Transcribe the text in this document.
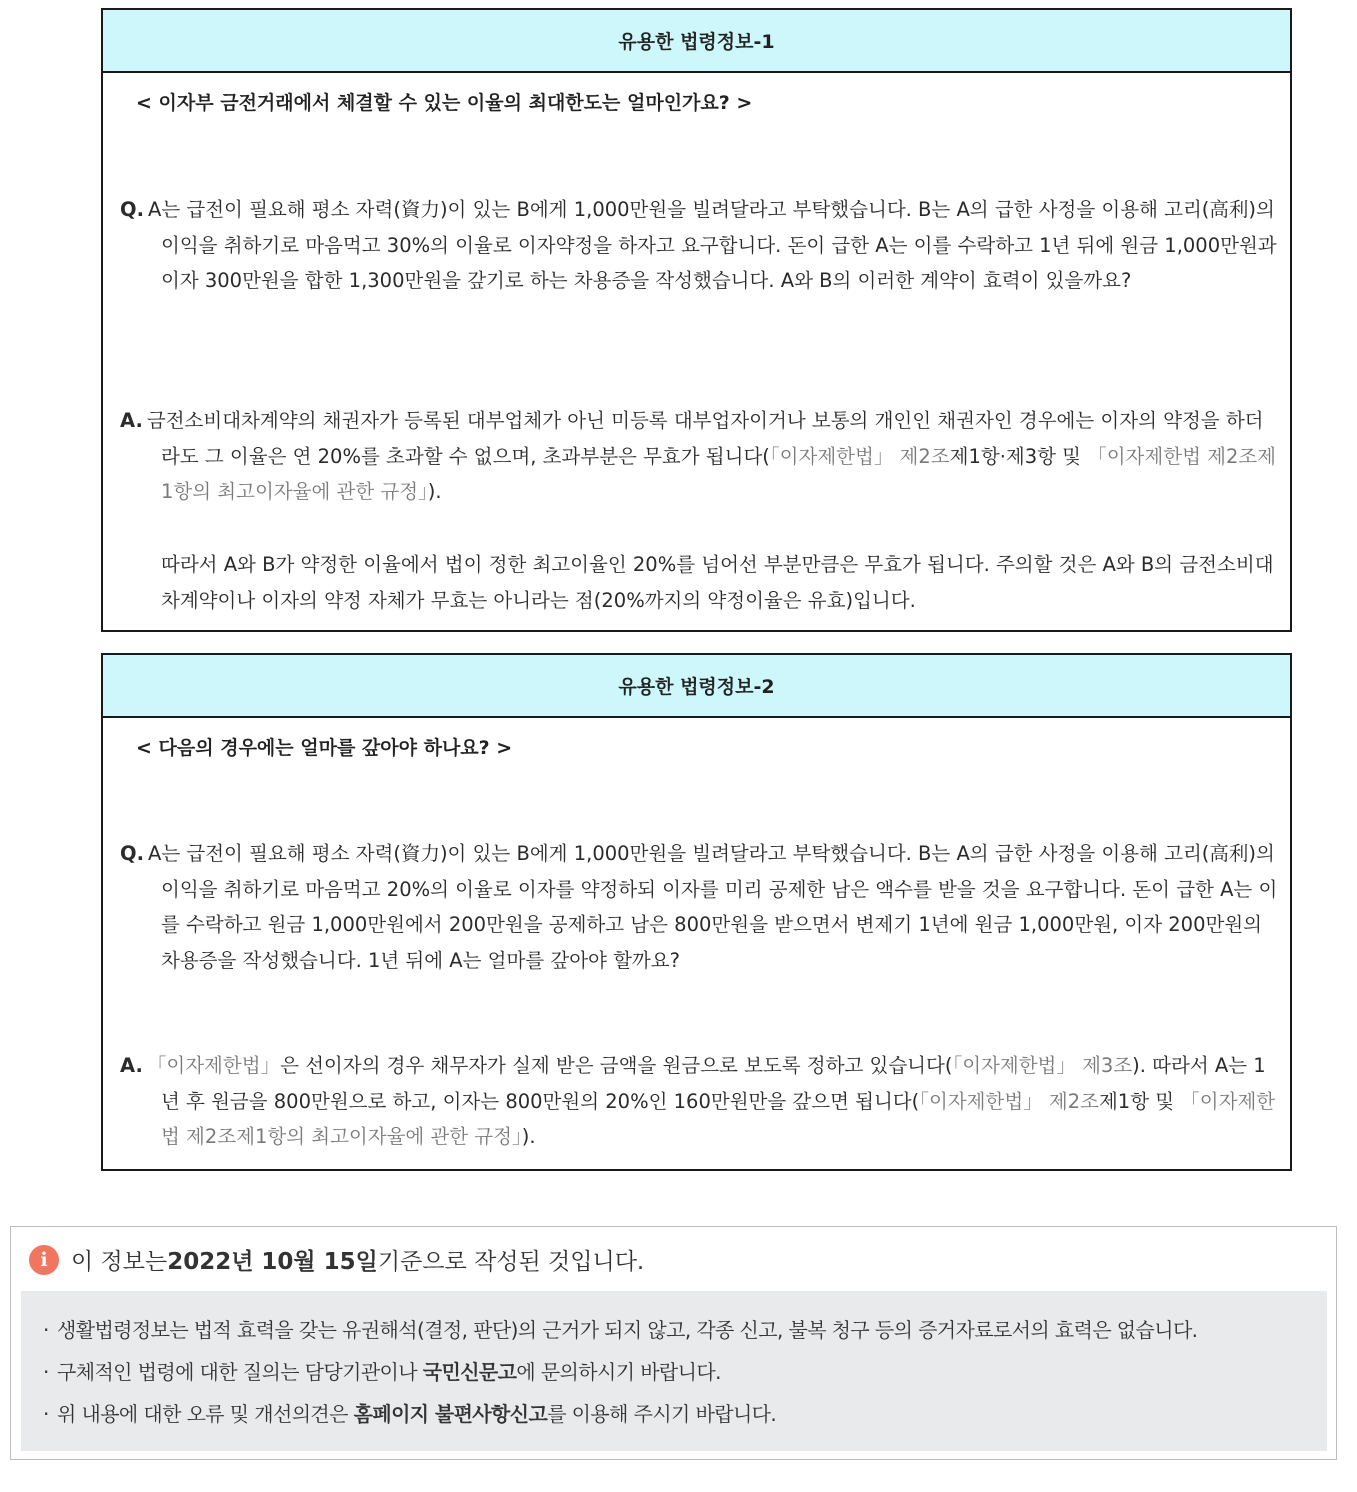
유용한 법령정보-1
< 이자부 금전거래에서 체결할 수 있는 이율의 최대한도는 얼마인가요? >
Q. A는 급전이 필요해 평소 자력(資力)이 있는 B에게 1,000만원을 빌려달라고 부탁했습니다. B는 A의 급한 사정을 이용해 고리(高利)의 이익을 취하기로 마음먹고 30%의 이율로 이자약정을 하자고 요구합니다. 돈이 급한 A는 이를 수락하고 1년 뒤에 원금 1,000만원과 이자 300만원을 합한 1,300만원을 갚기로 하는 차용증을 작성했습니다. A와 B의 이러한 계약이 효력이 있을까요?
A. 금전소비대차계약의 채권자가 등록된 대부업체가 아닌 미등록 대부업자이거나 보통의 개인인 채권자인 경우에는 이자의 약정을 하더라도 그 이율은 연 20%를 초과할 수 없으며, 초과부분은 무효가 됩니다(「이자제한법」 제2조제1항·제3항 및 「이자제한법 제2조제1항의 최고이자율에 관한 규정」).
따라서 A와 B가 약정한 이율에서 법이 정한 최고이율인 20%를 넘어선 부분만큼은 무효가 됩니다. 주의할 것은 A와 B의 금전소비대차계약이나 이자의 약정 자체가 무효는 아니라는 점(20%까지의 약정이율은 유효)입니다.
유용한 법령정보-2
< 다음의 경우에는 얼마를 갚아야 하나요? >
Q. A는 급전이 필요해 평소 자력(資力)이 있는 B에게 1,000만원을 빌려달라고 부탁했습니다. B는 A의 급한 사정을 이용해 고리(高利)의 이익을 취하기로 마음먹고 20%의 이율로 이자를 약정하되 이자를 미리 공제한 남은 액수를 받을 것을 요구합니다. 돈이 급한 A는 이를 수락하고 원금 1,000만원에서 200만원을 공제하고 남은 800만원을 받으면서 변제기 1년에 원금 1,000만원, 이자 200만원의 차용증을 작성했습니다. 1년 뒤에 A는 얼마를 갚아야 할까요?
A. 「이자제한법」은 선이자의 경우 채무자가 실제 받은 금액을 원금으로 보도록 정하고 있습니다(「이자제한법」 제3조). 따라서 A는 1년 후 원금을 800만원으로 하고, 이자는 800만원의 20%인 160만원만을 갚으면 됩니다(「이자제한법」 제2조제1항 및 「이자제한법 제2조제1항의 최고이자율에 관한 규정」).
i	이 정보는 2022년 10월 15일 기준으로 작성된 것입니다.
· 생활법령정보는 법적 효력을 갖는 유권해석(결정, 판단)의 근거가 되지 않고, 각종 신고, 불복 청구 등의 증거자료로서의 효력은 없습니다.
· 구체적인 법령에 대한 질의는 담당기관이나 국민신문고에 문의하시기 바랍니다.
· 위 내용에 대한 오류 및 개선의견은 홈페이지 불편사항신고를 이용해 주시기 바랍니다.
